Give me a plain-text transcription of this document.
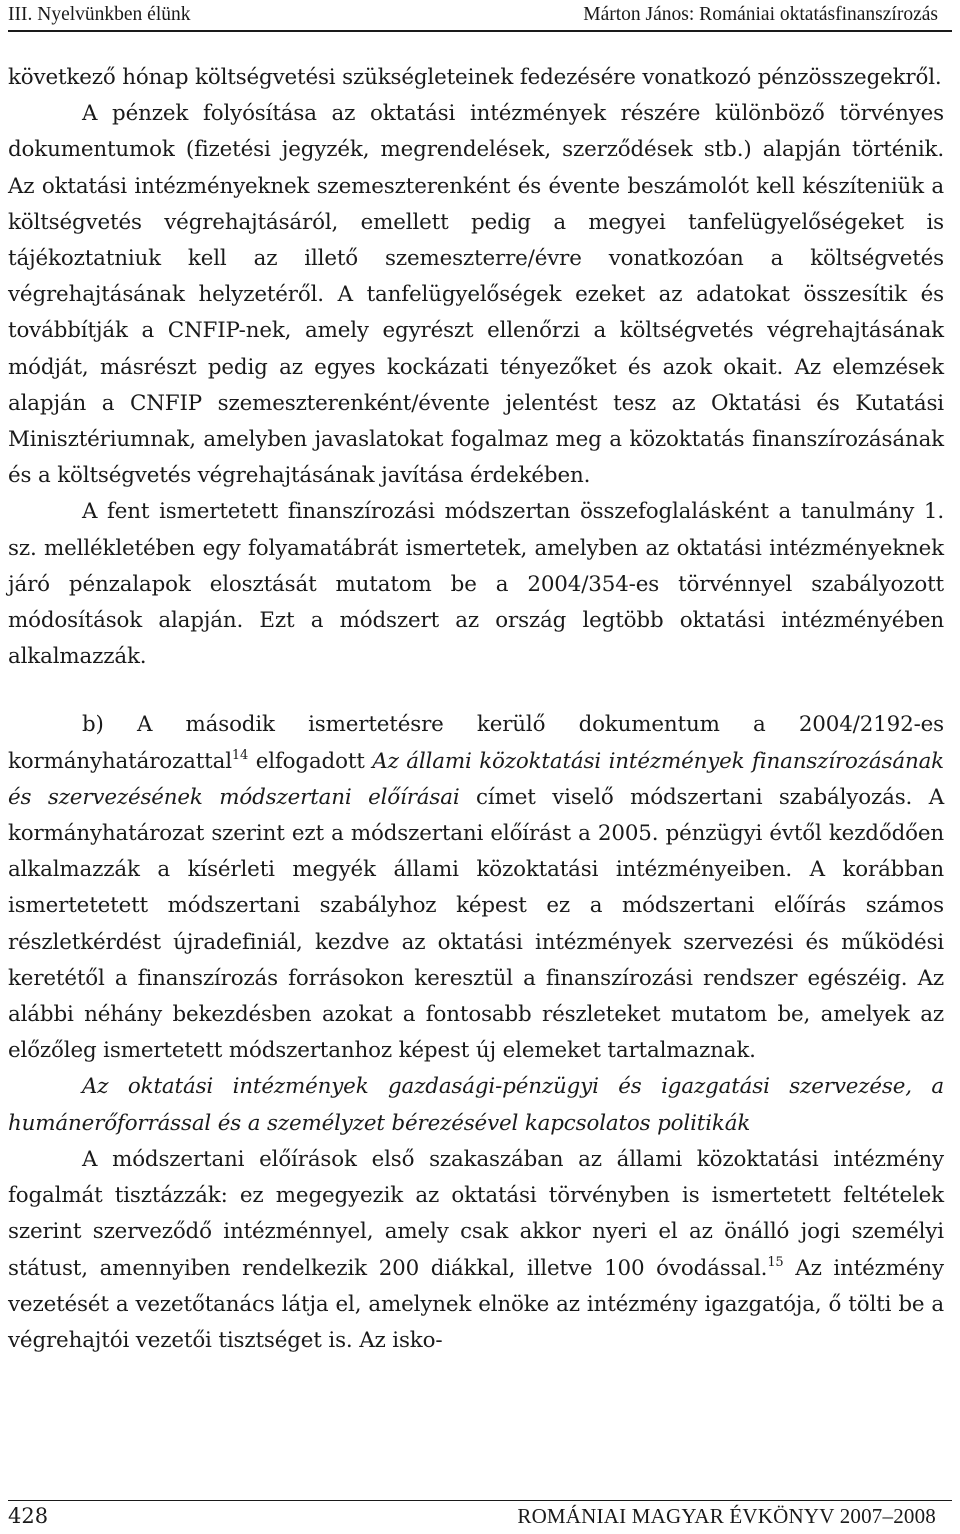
III. Nyelvünkben élünk	Márton János: Romániai oktatásfinanszírozás

következő hónap költségvetési szükségleteinek fedezésére vonatkozó pénzösszegekről.

A pénzek folyósítása az oktatási intézmények részére különböző törvényes dokumentumok (fizetési jegyzék, megrendelések, szerződések stb.) alapján történik. Az oktatási intézményeknek szemeszterenként és évente beszámolót kell készíteniük a költségvetés végrehajtásáról, emellett pedig a megyei tanfelügyelőségeket is tájékoztatniuk kell az illető szemeszterre/évre vonatkozóan a költségvetés végrehajtásának helyzetéről. A tanfelügyelőségek ezeket az adatokat összesítik és továbbítják a CNFIP-nek, amely egyrészt ellenőrzi a költségvetés végrehajtásának módját, másrészt pedig az egyes kockázati tényezőket és azok okait. Az elemzések alapján a CNFIP szemeszterenként/évente jelentést tesz az Oktatási és Kutatási Minisztériumnak, amelyben javaslatokat fogalmaz meg a közoktatás finanszírozásának és a költségvetés végrehajtásának javítása érdekében.

A fent ismertetett finanszírozási módszertan összefoglalásként a tanulmány 1. sz. mellékletében egy folyamatábrát ismertetek, amelyben az oktatási intézményeknek járó pénzalapok elosztását mutatom be a 2004/354-es törvénnyel szabályozott módosítások alapján. Ezt a módszert az ország legtöbb oktatási intézményében alkalmazzák.

b) A második ismertetésre kerülő dokumentum a 2004/2192-es kormányhatározattal$^{14}$ elfogadott Az állami közoktatási intézmények finanszírozásának és szervezésének módszertani előírásai címet viselő módszertani szabályozás. A kormányhatározat szerint ezt a módszertani előírást a 2005. pénzügyi évtől kezdődően alkalmazzák a kísérleti megyék állami közoktatási intézményeiben. A korábban ismertetetett módszertani szabályhoz képest ez a módszertani előírás számos részletkérdést újradefiniál, kezdve az oktatási intézmények szervezési és működési keretétől a finanszírozás forrásokon keresztül a finanszírozási rendszer egészéig. Az alábbi néhány bekezdésben azokat a fontosabb részleteket mutatom be, amelyek az előzőleg ismertetett módszertanhoz képest új elemeket tartalmaznak.

Az oktatási intézmények gazdasági-pénzügyi és igazgatási szervezése, a humánerőforrással és a személyzet bérezésével kapcsolatos politikák

A módszertani előírások első szakaszában az állami közoktatási intézmény fogalmát tisztázzák: ez megegyezik az oktatási törvényben is ismertetett feltételek szerint szerveződő intézménnyel, amely csak akkor nyeri el az önálló jogi személyi státust, amennyiben rendelkezik 200 diákkal, illetve 100 óvodással.$^{15}$ Az intézmény vezetését a vezetőtanács látja el, amelynek elnöke az intézmény igazgatója, ő tölti be a végrehajtói vezetői tisztséget is. Az isko-

428	ROMÁNIAI MAGYAR ÉVKÖNYV 2007–2008
